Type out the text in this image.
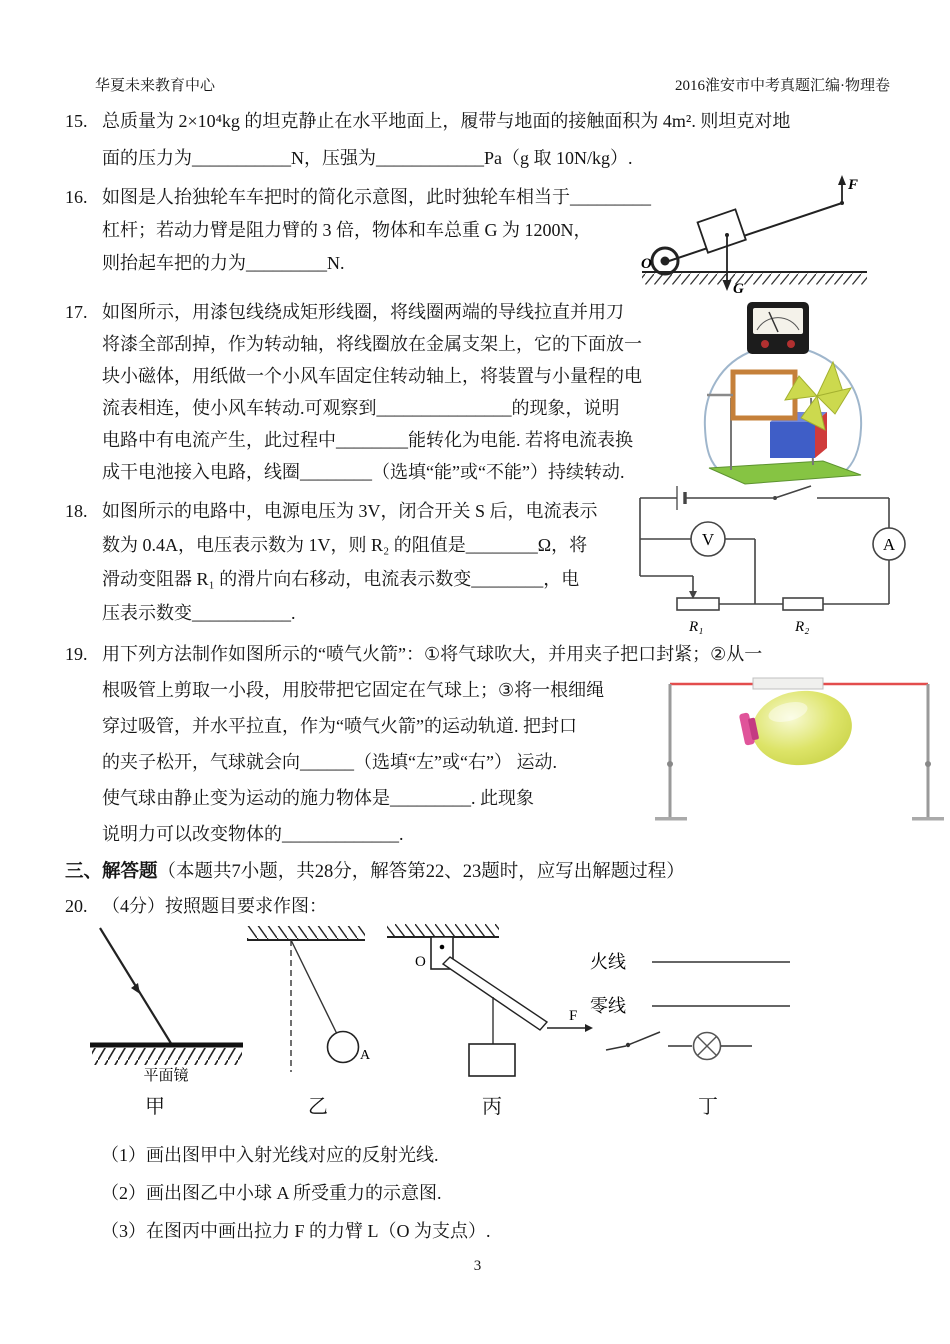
华夏未来教育中心	2016淮安市中考真题汇编·物理卷
15. 总质量为 2×10⁴kg 的坦克静止在水平地面上，履带与地面的接触面积为 4m². 则坦克对地
面的压力为___________N，压强为____________Pa（g 取 10N/kg）.
16. 如图是人抬独轮车车把时的简化示意图，此时独轮车相当于_________
杠杆；若动力臂是阻力臂的 3 倍，物体和车总重 G 为 1200N，
则抬起车把的力为_________N.	O
F
G
17. 如图所示，用漆包线绕成矩形线圈，将线圈两端的导线拉直并用刀
将漆全部刮掉，作为转动轴，将线圈放在金属支架上，它的下面放一
块小磁体，用纸做一个小风车固定住转动轴上，将装置与小量程的电
流表相连，使小风车转动.可观察到_______________的现象，说明
电路中有电流产生，此过程中________能转化为电能. 若将电流表换
成干电池接入电路，线圈________（选填“能”或“不能”）持续转动.
18. 如图所示的电路中，电源电压为 3V，闭合开关 S 后，电流表示
数为 0.4A，电压表示数为 1V，则 R₂ 的阻值是________Ω，将
滑动变阻器 R₁ 的滑片向右移动，电流表示数变________，电
压表示数变___________.
V	A
R₁	R₂
19. 用下列方法制作如图所示的“喷气火箭”：①将气球吹大，并用夹子把口封紧；②从一
根吸管上剪取一小段，用胶带把它固定在气球上；③将一根细绳
穿过吸管，并水平拉直，作为“喷气火箭”的运动轨道. 把封口
的夹子松开，气球就会向______（选填“左”或“右”） 运动.
使气球由静止变为运动的施力物体是_________. 此现象
说明力可以改变物体的_____________.
三、解答题（本题共7小题，共28分，解答第22、23题时，应写出解题过程）
20. （4分）按照题目要求作图：
平面镜
A
O
F
火线
零线
甲	乙	丙	丁
（1）画出图甲中入射光线对应的反射光线.
（2）画出图乙中小球 A 所受重力的示意图.
（3）在图丙中画出拉力 F 的力臂 L（O 为支点）.
3
